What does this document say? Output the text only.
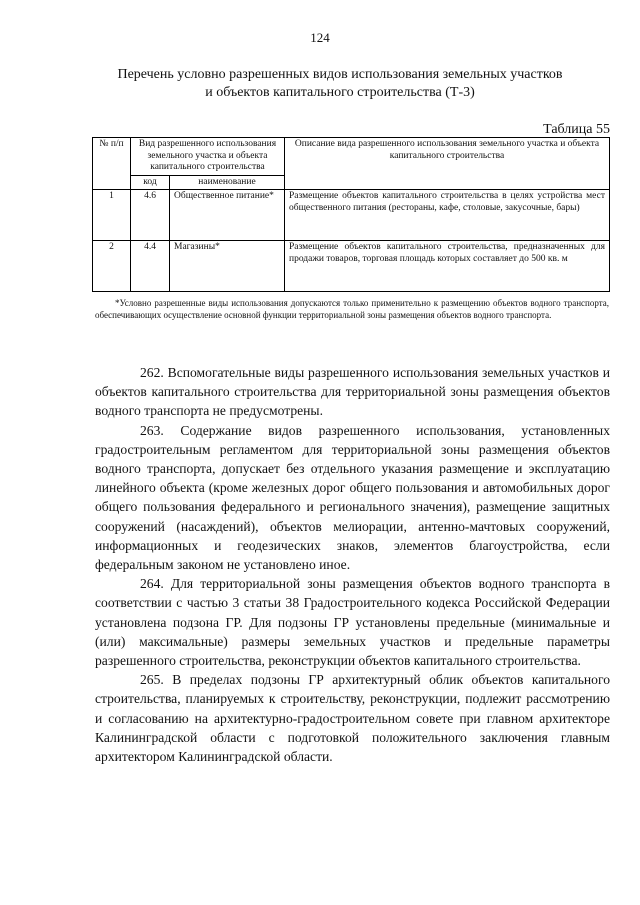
124
Перечень условно разрешенных видов использования земельных участков
и объектов капитального строительства (Т-3)
Таблица 55
№ п/п	Вид разрешенного использования земельного участка и объекта капитального строительства		Описание вида разрешенного использования земельного участка и объекта капитального строительства
	код	наименование	
1	4.6	Общественное питание*	Размещение объектов капитального строительства в целях устройства мест общественного питания (рестораны, кафе, столовые, закусочные, бары)
2	4.4	Магазины*	Размещение объектов капитального строительства, предназначенных для продажи товаров, торговая площадь которых составляет до 500 кв. м
*Условно разрешенные виды использования допускаются только применительно к размещению объектов водного транспорта, обеспечивающих осуществление основной функции территориальной зоны размещения объектов водного транспорта.

262. Вспомогательные виды разрешенного использования земельных участков и объектов капитального строительства для территориальной зоны размещения объектов водного транспорта не предусмотрены.

263. Содержание видов разрешенного использования, установленных градостроительным регламентом для территориальной зоны размещения объектов водного транспорта, допускает без отдельного указания размещение и эксплуатацию линейного объекта (кроме железных дорог общего пользования и автомобильных дорог общего пользования федерального и регионального значения), размещение защитных сооружений (насаждений), объектов мелиорации, антенно-мачтовых сооружений, информационных и геодезических знаков, элементов благоустройства, если федеральным законом не установлено иное.

264. Для территориальной зоны размещения объектов водного транспорта в соответствии с частью 3 статьи 38 Градостроительного кодекса Российской Федерации установлена подзона ГР. Для подзоны ГР установлены предельные (минимальные и (или) максимальные) размеры земельных участков и предельные параметры разрешенного строительства, реконструкции объектов капитального строительства.

265. В пределах подзоны ГР архитектурный облик объектов капитального строительства, планируемых к строительству, реконструкции, подлежит рассмотрению и согласованию на архитектурно-градостроительном совете при главном архитекторе Калининградской области с подготовкой положительного заключения главным архитектором Калининградской области.
